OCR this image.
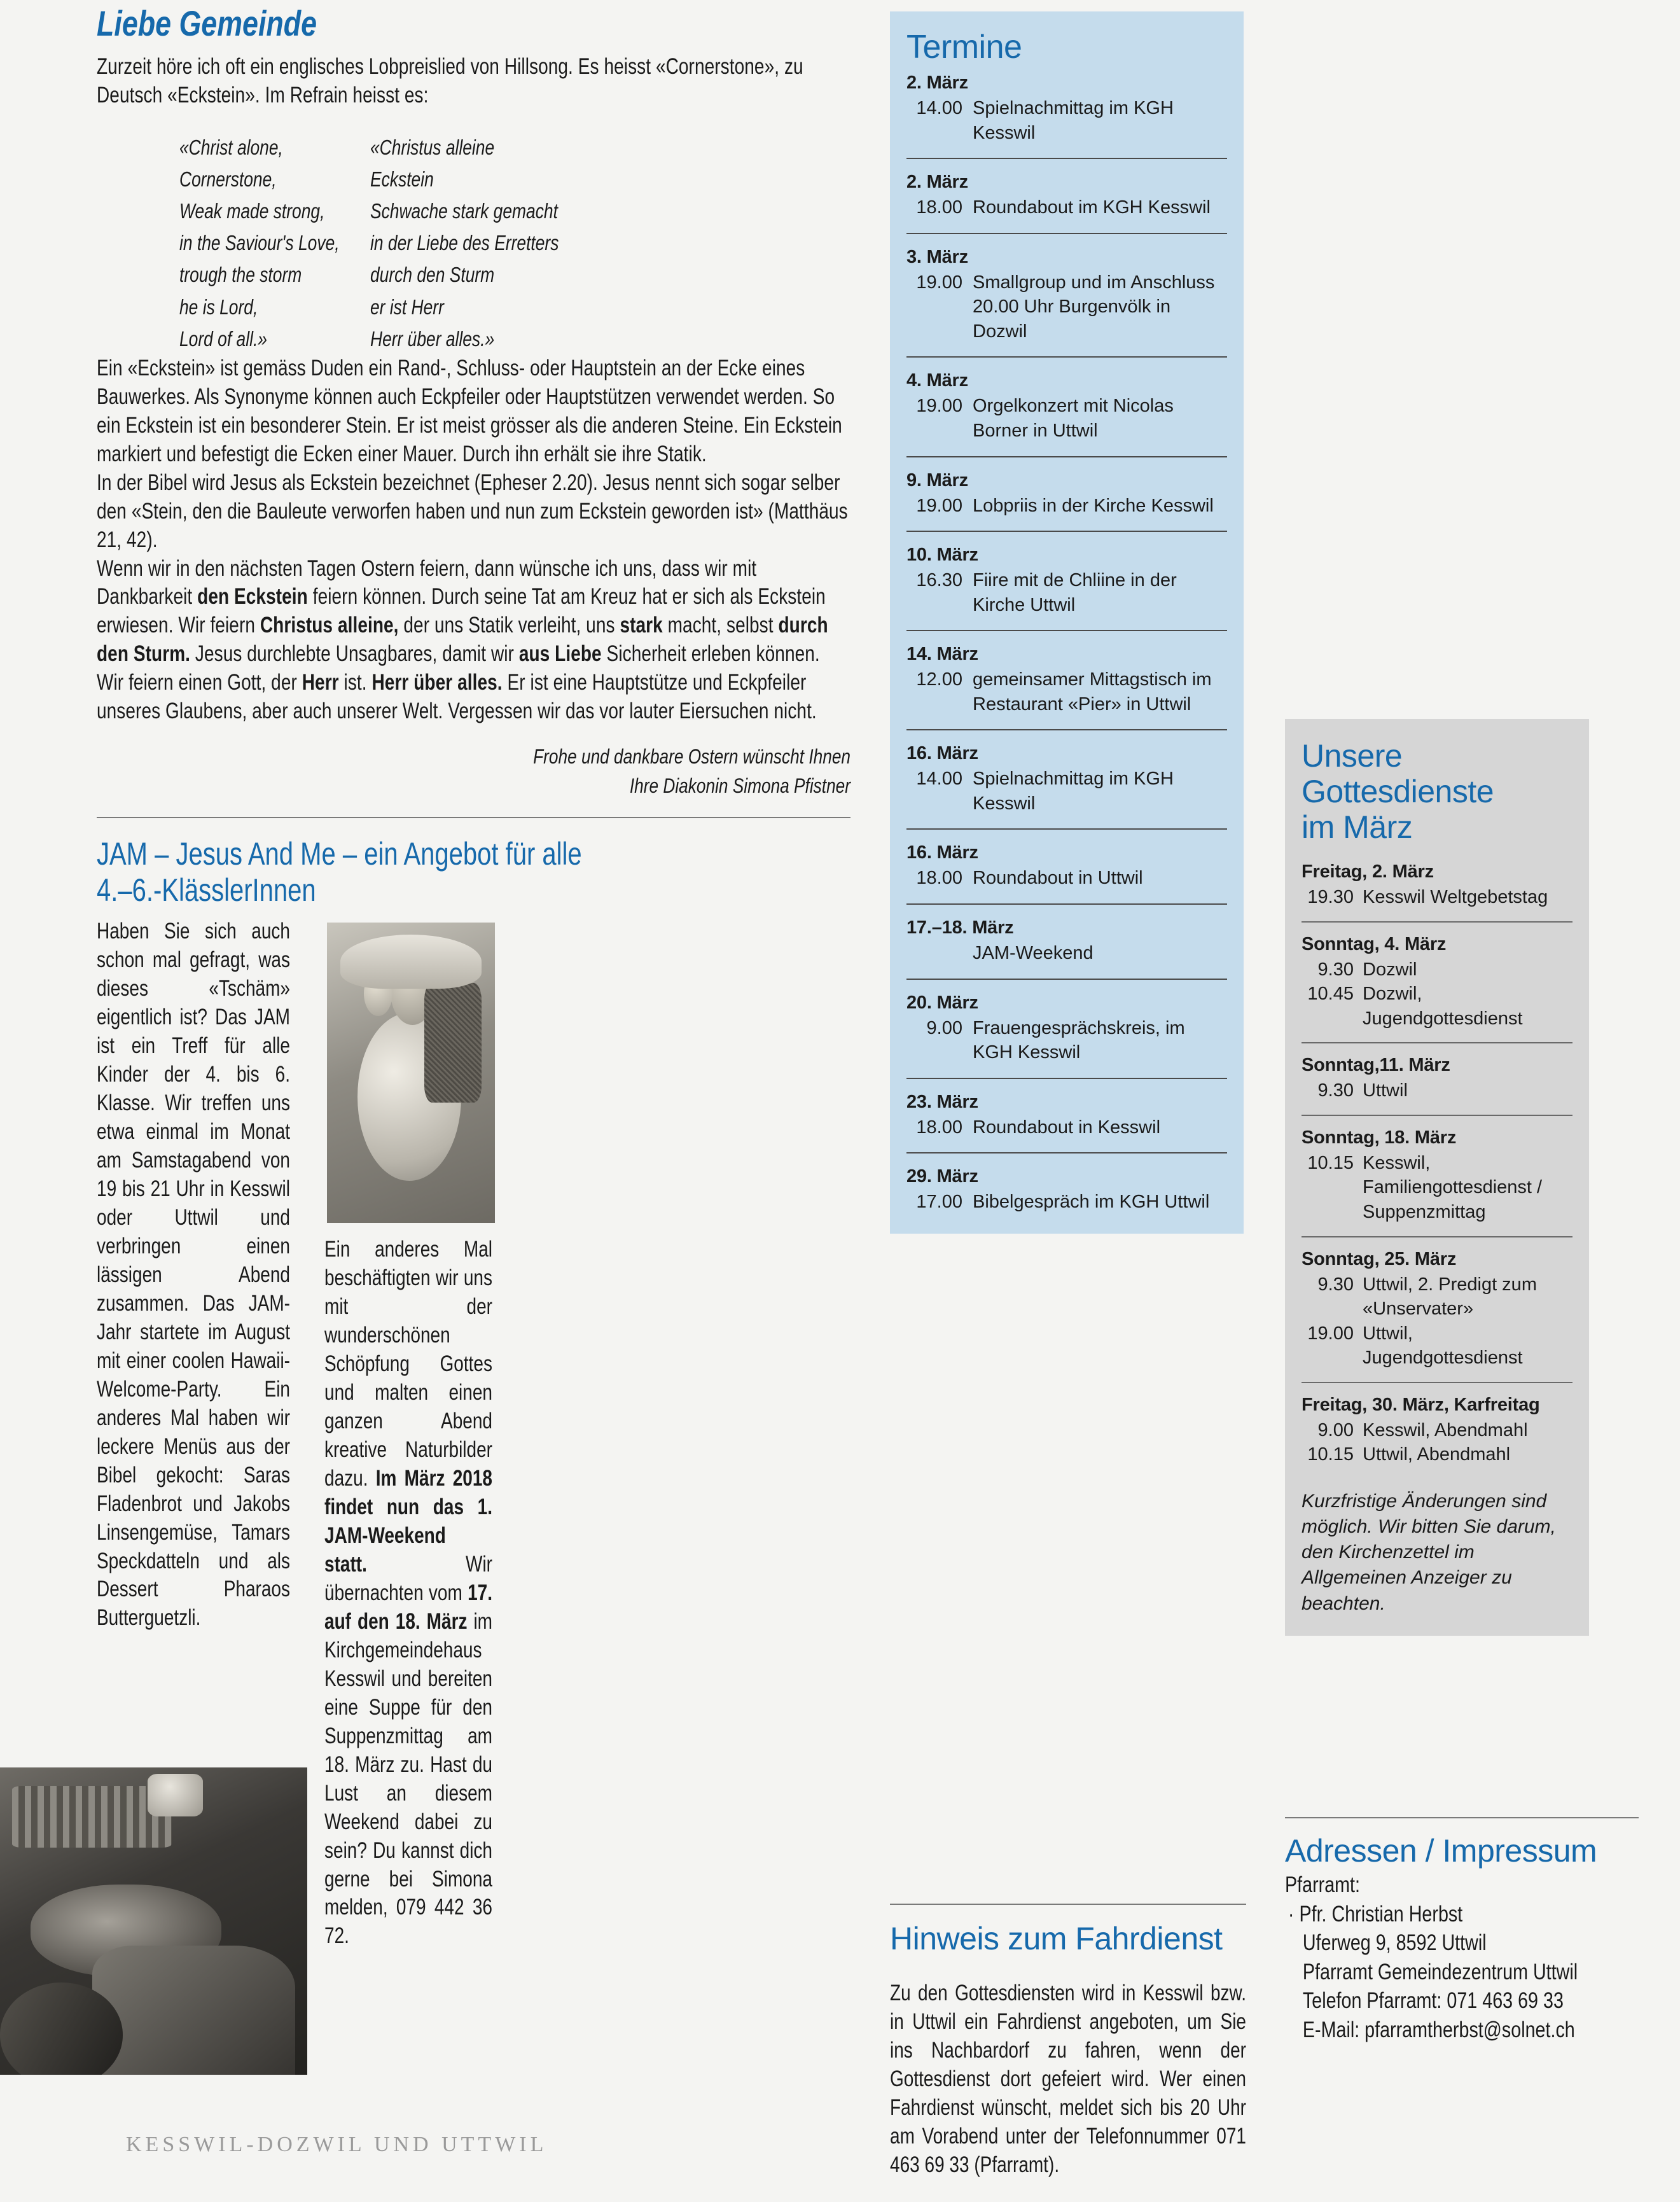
Liebe Gemeinde

Zurzeit höre ich oft ein englisches Lobpreislied von Hillsong. Es heisst «Cornerstone», zu Deutsch «Eckstein». Im Refrain heisst es:

«Christ alone,
Cornerstone,
Weak made strong,
in the Saviour's Love,
trough the storm
he is Lord,
Lord of all.»
«Christus alleine
Eckstein
Schwache stark gemacht
in der Liebe des Erretters
durch den Sturm
er ist Herr
Herr über alles.»

Ein «Eckstein» ist gemäss Duden ein Rand-, Schluss- oder Hauptstein an der Ecke eines Bauwerkes. Als Synonyme können auch Eckpfeiler oder Hauptstützen verwendet werden. So ein Eckstein ist ein besonderer Stein. Er ist meist grösser als die anderen Steine. Ein Eckstein markiert und befestigt die Ecken einer Mauer. Durch ihn erhält sie ihre Statik.

In der Bibel wird Jesus als Eckstein bezeichnet (Epheser 2.20). Jesus nennt sich sogar selber den «Stein, den die Bauleute verworfen haben und nun zum Eckstein geworden ist» (Matthäus 21, 42).

Wenn wir in den nächsten Tagen Ostern feiern, dann wünsche ich uns, dass wir mit Dankbarkeit den Eckstein feiern können. Durch seine Tat am Kreuz hat er sich als Eckstein erwiesen. Wir feiern Christus alleine, der uns Statik verleiht, uns stark macht, selbst durch den Sturm. Jesus durchlebte Unsagbares, damit wir aus Liebe Sicherheit erleben können. Wir feiern einen Gott, der Herr ist. Herr über alles. Er ist eine Hauptstütze und Eckpfeiler unseres Glaubens, aber auch unserer Welt. Vergessen wir das vor lauter Eiersuchen nicht.

Frohe und dankbare Ostern wünscht Ihnen
Ihre Diakonin Simona Pfistner
JAM – Jesus And Me – ein Angebot für alle
4.–6.-KlässlerInnen
Haben Sie sich auch schon mal gefragt, was dieses «Tschäm» eigentlich ist? Das JAM ist ein Treff für alle Kinder der 4. bis 6. Klasse. Wir treffen uns etwa einmal im Monat am Samstagabend von 19 bis 21 Uhr in Kesswil oder Uttwil und verbringen einen lässigen Abend zusammen. Das JAM-Jahr startete im August mit einer coolen Hawaii-Welcome-Party. Ein anderes Mal haben wir leckere Menüs aus der Bibel gekocht: Saras Fladenbrot und Jakobs Linsengemüse, Tamars Speckdatteln und als Dessert Pharaos Butterguetzli.
Ein anderes Mal beschäftigten wir uns mit der wunderschönen Schöpfung Gottes und malten einen ganzen Abend kreative Naturbilder dazu. Im März 2018 findet nun das 1. JAM-Weekend statt. Wir übernachten vom 17. auf den 18. März im Kirchgemeindehaus Kesswil und bereiten eine Suppe für den Suppenzmittag am 18. März zu. Hast du Lust an diesem Weekend dabei zu sein? Du kannst dich gerne bei Simona melden, 079 442 36 72.
Termine
2. März
14.00 Spielnachmittag im KGH Kesswil
2. März
18.00 Roundabout im KGH Kesswil
3. März
19.00 Smallgroup und im Anschluss 20.00 Uhr Burgenvölk in Dozwil
4. März
19.00 Orgelkonzert mit Nicolas Borner in Uttwil
9. März
19.00 Lobpriis in der Kirche Kesswil
10. März
16.30 Fiire mit de Chliine in der Kirche Uttwil
14. März
12.00 gemeinsamer Mittagstisch im Restaurant «Pier» in Uttwil
16. März
14.00 Spielnachmittag im KGH Kesswil
16. März
18.00 Roundabout in Uttwil
17.–18. März
JAM-Weekend
20. März
9.00 Frauengesprächskreis, im KGH Kesswil
23. März
18.00 Roundabout in Kesswil
29. März
17.00 Bibelgespräch im KGH Uttwil
Hinweis zum Fahrdienst

Zu den Gottesdiensten wird in Kesswil bzw. in Uttwil ein Fahrdienst angeboten, um Sie ins Nachbardorf zu fahren, wenn der Gottesdienst dort gefeiert wird. Wer einen Fahrdienst wünscht, meldet sich bis 20 Uhr am Vorabend unter der Telefonnummer 071 463 69 33 (Pfarramt).

Unsere Gottesdienste
im März
Freitag, 2. März
19.30 Kesswil Weltgebetstag
Sonntag, 4. März
9.30 Dozwil
10.45 Dozwil, Jugendgottesdienst
Sonntag,11. März
9.30 Uttwil
Sonntag, 18. März
10.15 Kesswil, Familiengottesdienst / Suppenzmittag
Sonntag, 25. März
9.30 Uttwil, 2. Predigt zum «Unservater»
19.00 Uttwil, Jugendgottesdienst
Freitag, 30. März, Karfreitag
9.00 Kesswil, Abendmahl
10.15 Uttwil, Abendmahl
Kurzfristige Änderungen sind möglich. Wir bitten Sie darum, den Kirchenzettel im Allgemeinen Anzeiger zu beachten.
Adressen / Impressum
Pfarramt:
· Pfr. Christian Herbst
Uferweg 9, 8592 Uttwil
Pfarramt Gemeindezentrum Uttwil
Telefon Pfarramt: 071 463 69 33
E-Mail: pfarramtherbst@solnet.ch
KESSWIL-DOZWIL UND UTTWIL
